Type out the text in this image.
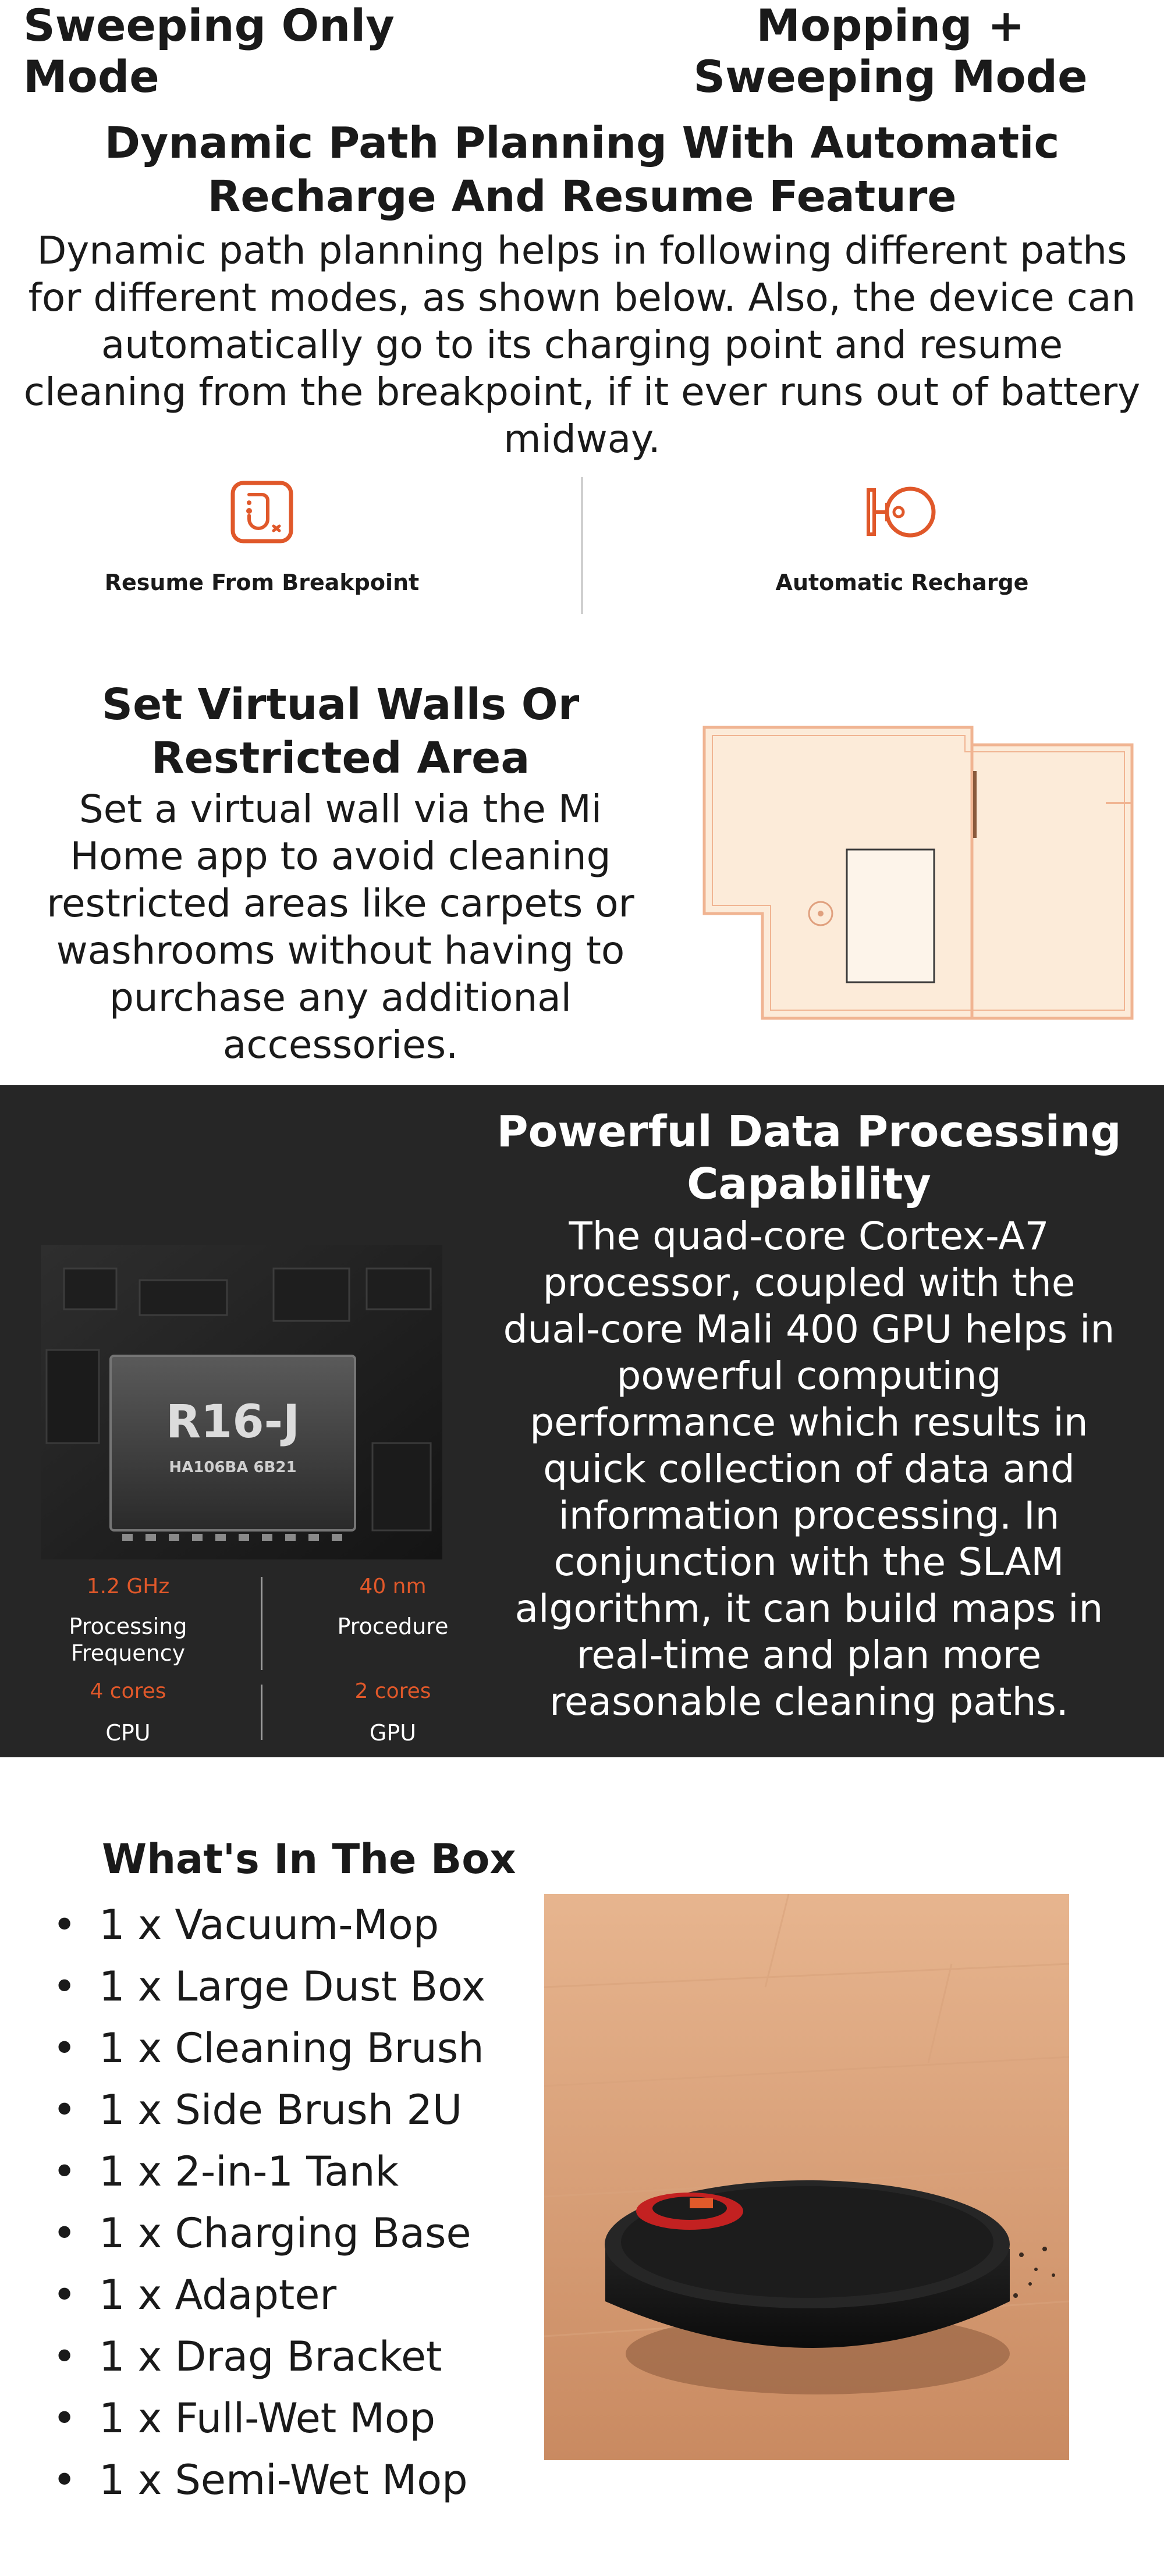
Sweeping Only Mode
Mopping + Sweeping Mode
Dynamic Path Planning With Automatic Recharge And Resume Feature
Dynamic path planning helps in following different paths for different modes, as shown below. Also, the device can automatically go to its charging point and resume cleaning from the breakpoint, if it ever runs out of battery midway.
Resume From Breakpoint	Automatic Recharge
Set Virtual Walls Or Restricted Area
Set a virtual wall via the Mi Home app to avoid cleaning restricted areas like carpets or washrooms without having to purchase any additional accessories.
R16-J
HA106BA 6B21
1.2 GHz
Processing Frequency
40 nm
Procedure
4 cores
CPU
2 cores
GPU
Powerful Data Processing Capability
The quad-core Cortex-A7 processor, coupled with the dual-core Mali 400 GPU helps in powerful computing performance which results in quick collection of data and information processing. In conjunction with the SLAM algorithm, it can build maps in real-time and plan more reasonable cleaning paths.
What's In The Box
• 1 x Vacuum-Mop
• 1 x Large Dust Box
• 1 x Cleaning Brush
• 1 x Side Brush 2U
• 1 x 2-in-1 Tank
• 1 x Charging Base
• 1 x Adapter
• 1 x Drag Bracket
• 1 x Full-Wet Mop
• 1 x Semi-Wet Mop
